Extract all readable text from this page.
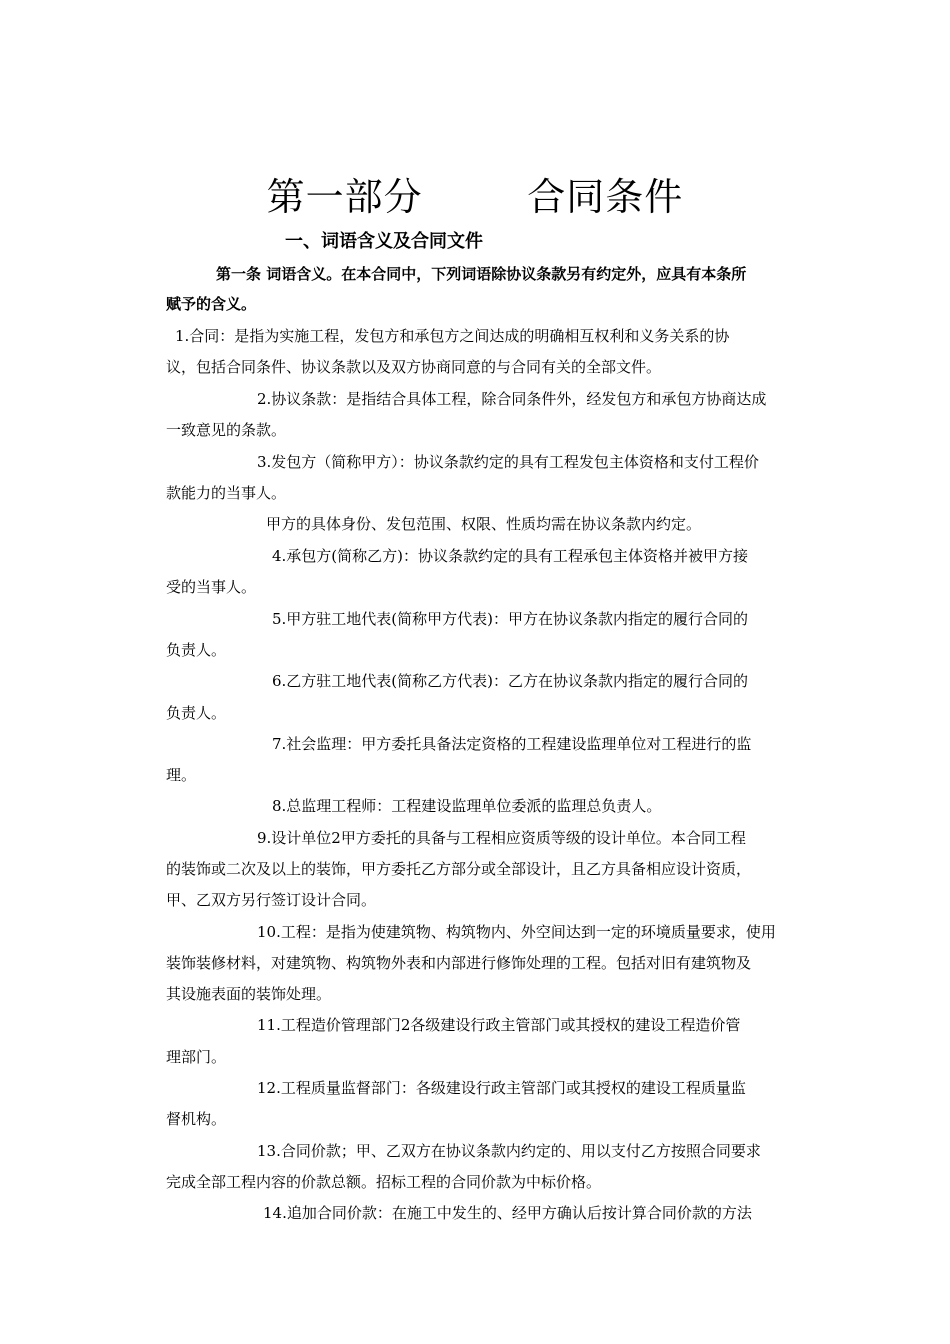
第一部分        合同条件
一、词语含义及合同文件
第一条 词语含义。在本合同中，下列词语除协议条款另有约定外，应具有本条所
赋予的含义。
1.合同：是指为实施工程，发包方和承包方之间达成的明确相互权利和义务关系的协
议，包括合同条件、协议条款以及双方协商同意的与合同有关的全部文件。
2.协议条款：是指结合具体工程，除合同条件外，经发包方和承包方协商达成
一致意见的条款。
3.发包方（简称甲方）：协议条款约定的具有工程发包主体资格和支付工程价
款能力的当事人。
甲方的具体身份、发包范围、权限、性质均需在协议条款内约定。
4.承包方(简称乙方)：协议条款约定的具有工程承包主体资格并被甲方接
受的当事人。
5.甲方驻工地代表(简称甲方代表)：甲方在协议条款内指定的履行合同的
负责人。
6.乙方驻工地代表(简称乙方代表)：乙方在协议条款内指定的履行合同的
负责人。
7.社会监理：甲方委托具备法定资格的工程建设监理单位对工程进行的监
理。
8.总监理工程师：工程建设监理单位委派的监理总负责人。
9.设计单位2甲方委托的具备与工程相应资质等级的设计单位。本合同工程
的装饰或二次及以上的装饰，甲方委托乙方部分或全部设计，且乙方具备相应设计资质，
甲、乙双方另行签订设计合同。
10.工程：是指为使建筑物、构筑物内、外空间达到一定的环境质量要求，使用
装饰装修材料，对建筑物、构筑物外表和内部进行修饰处理的工程。包括对旧有建筑物及
其设施表面的装饰处理。
11.工程造价管理部门2各级建设行政主管部门或其授权的建设工程造价管
理部门。
12.工程质量监督部门：各级建设行政主管部门或其授权的建设工程质量监
督机构。
13.合同价款；甲、乙双方在协议条款内约定的、用以支付乙方按照合同要求
完成全部工程内容的价款总额。招标工程的合同价款为中标价格。
14.追加合同价款：在施工中发生的、经甲方确认后按计算合同价款的方法
